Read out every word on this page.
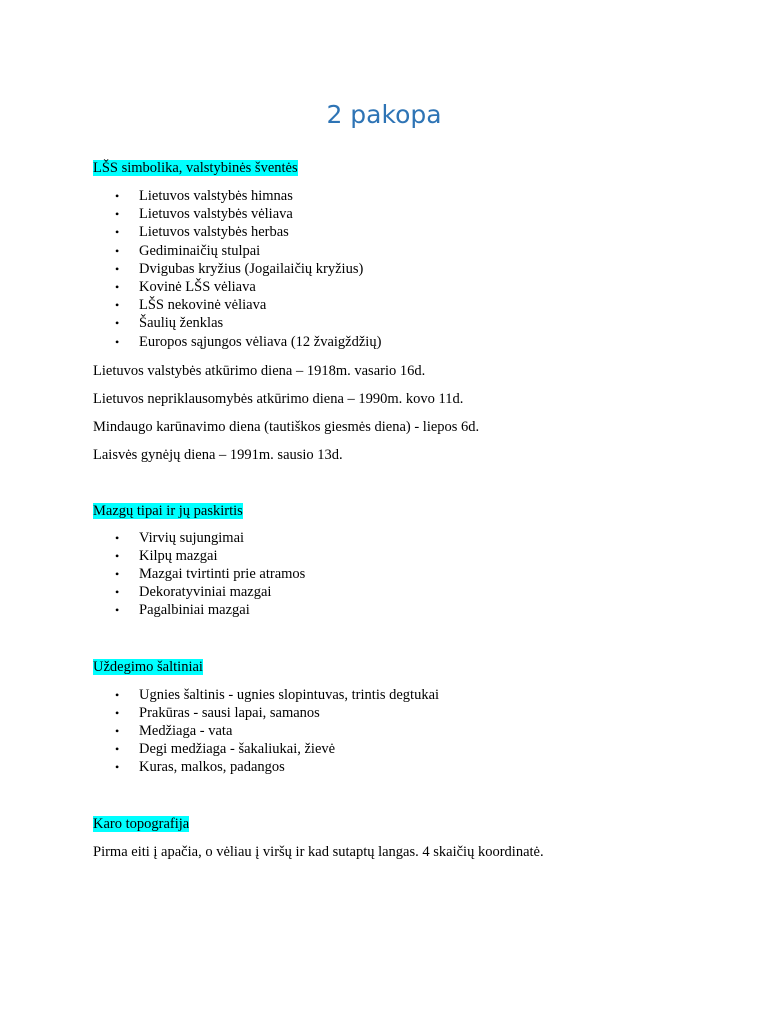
2 pakopa
LŠS simbolika, valstybinės šventės
• Lietuvos valstybės himnas
• Lietuvos valstybės vėliava
• Lietuvos valstybės herbas
• Gediminaičių stulpai
• Dvigubas kryžius (Jogailaičių kryžius)
• Kovinė LŠS vėliava
• LŠS nekovinė vėliava
• Šaulių ženklas
• Europos sąjungos vėliava (12 žvaigždžių)

Lietuvos valstybės atkūrimo diena – 1918m. vasario 16d.

Lietuvos nepriklausomybės atkūrimo diena – 1990m. kovo 11d.

Mindaugo karūnavimo diena (tautiškos giesmės diena) - liepos 6d.

Laisvės gynėjų diena – 1991m. sausio 13d.

Mazgų tipai ir jų paskirtis
• Virvių sujungimai
• Kilpų mazgai
• Mazgai tvirtinti prie atramos
• Dekoratyviniai mazgai
• Pagalbiniai mazgai
Uždegimo šaltiniai
• Ugnies šaltinis - ugnies slopintuvas, trintis degtukai
• Prakūras - sausi lapai, samanos
• Medžiaga - vata
• Degi medžiaga - šakaliukai, žievė
• Kuras, malkos, padangos
Karo topografija

Pirma eiti į apačia, o vėliau į viršų ir kad sutaptų langas. 4 skaičių koordinatė.
